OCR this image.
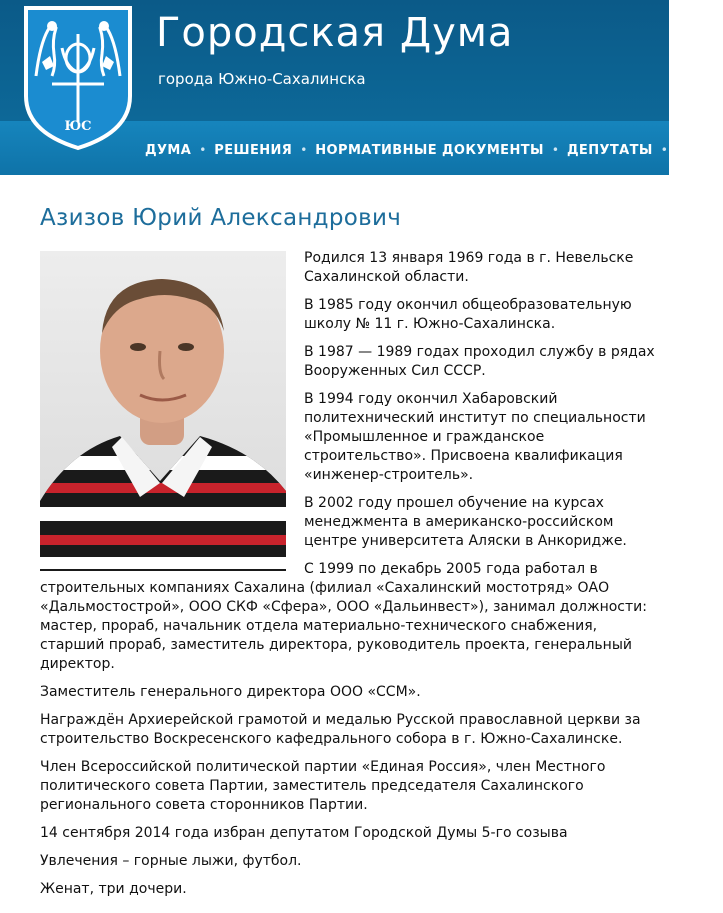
ЮС
Городская Дума
города Южно-Сахалинска
ДУМА • РЕШЕНИЯ • НОРМАТИВНЫЕ ДОКУМЕНТЫ • ДЕПУТАТЫ • КОМИ
Азизов Юрий Александрович

Родился 13 января 1969 года в г. Невельске Сахалинской области.

В 1985 году окончил общеобразовательную школу № 11 г. Южно-Сахалинска.

В 1987 — 1989 годах проходил службу в рядах Вооруженных Сил СССР.

В 1994 году окончил Хабаровский политехнический институт по специальности «Промышленное и гражданское строительство». Присвоена квалификация «инженер-строитель».

В 2002 году прошел обучение на курсах менеджмента в американско-российском центре университета Аляски в Анкоридже.

С 1999 по декабрь 2005 года работал в строительных компаниях Сахалина (филиал «Сахалинский мостотряд» ОАО «Дальмостострой», ООО СКФ «Сфера», ООО «Дальинвест»), занимал должности: мастер, прораб, начальник отдела материально-технического снабжения, старший прораб, заместитель директора, руководитель проекта, генеральный директор.

Заместитель генерального директора ООО «ССМ».

Награждён Архиерейской грамотой и медалью Русской православной церкви за строительство Воскресенского кафедрального собора в г. Южно-Сахалинске.

Член Всероссийской политической партии «Единая Россия», член Местного политического совета Партии, заместитель председателя Сахалинского регионального совета сторонников Партии.

14 сентября 2014 года избран депутатом Городской Думы 5-го созыва

Увлечения – горные лыжи, футбол.

Женат, три дочери.
